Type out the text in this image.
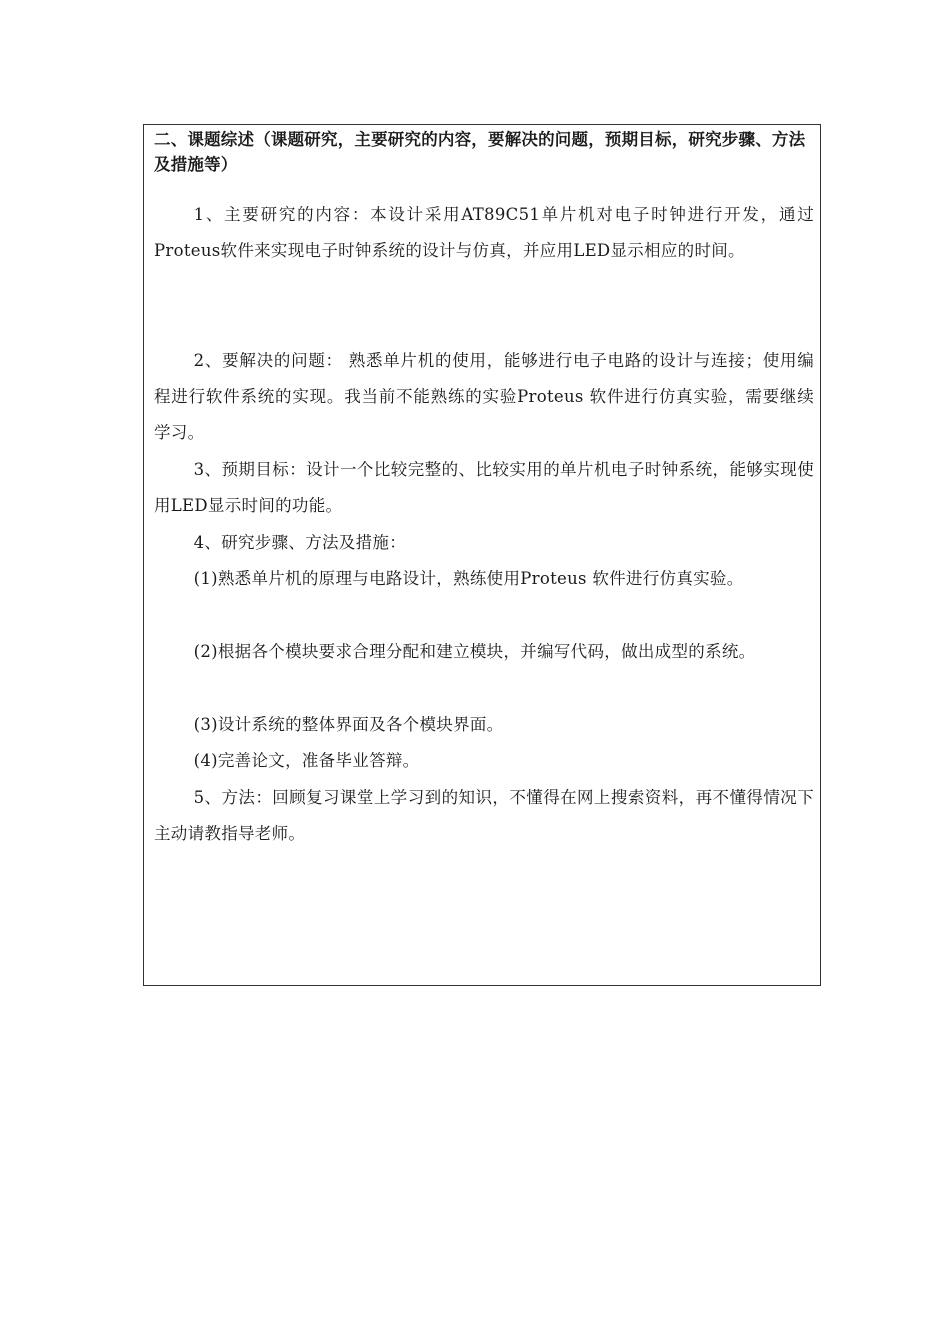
二、课题综述（课题研究，主要研究的内容，要解决的问题，预期目标，研究步骤、方法及措施等）

1、主要研究的内容：本设计采用AT89C51单片机对电子时钟进行开发，通过Proteus软件来实现电子时钟系统的设计与仿真，并应用LED显示相应的时间。

2、要解决的问题： 熟悉单片机的使用，能够进行电子电路的设计与连接；使用编程进行软件系统的实现。我当前不能熟练的实验Proteus 软件进行仿真实验，需要继续学习。

3、预期目标：设计一个比较完整的、比较实用的单片机电子时钟系统，能够实现使用LED显示时间的功能。

4、研究步骤、方法及措施：

(1)熟悉单片机的原理与电路设计，熟练使用Proteus 软件进行仿真实验。

(2)根据各个模块要求合理分配和建立模块，并编写代码，做出成型的系统。

(3)设计系统的整体界面及各个模块界面。

(4)完善论文，准备毕业答辩。

5、方法：回顾复习课堂上学习到的知识，不懂得在网上搜索资料，再不懂得情况下主动请教指导老师。
